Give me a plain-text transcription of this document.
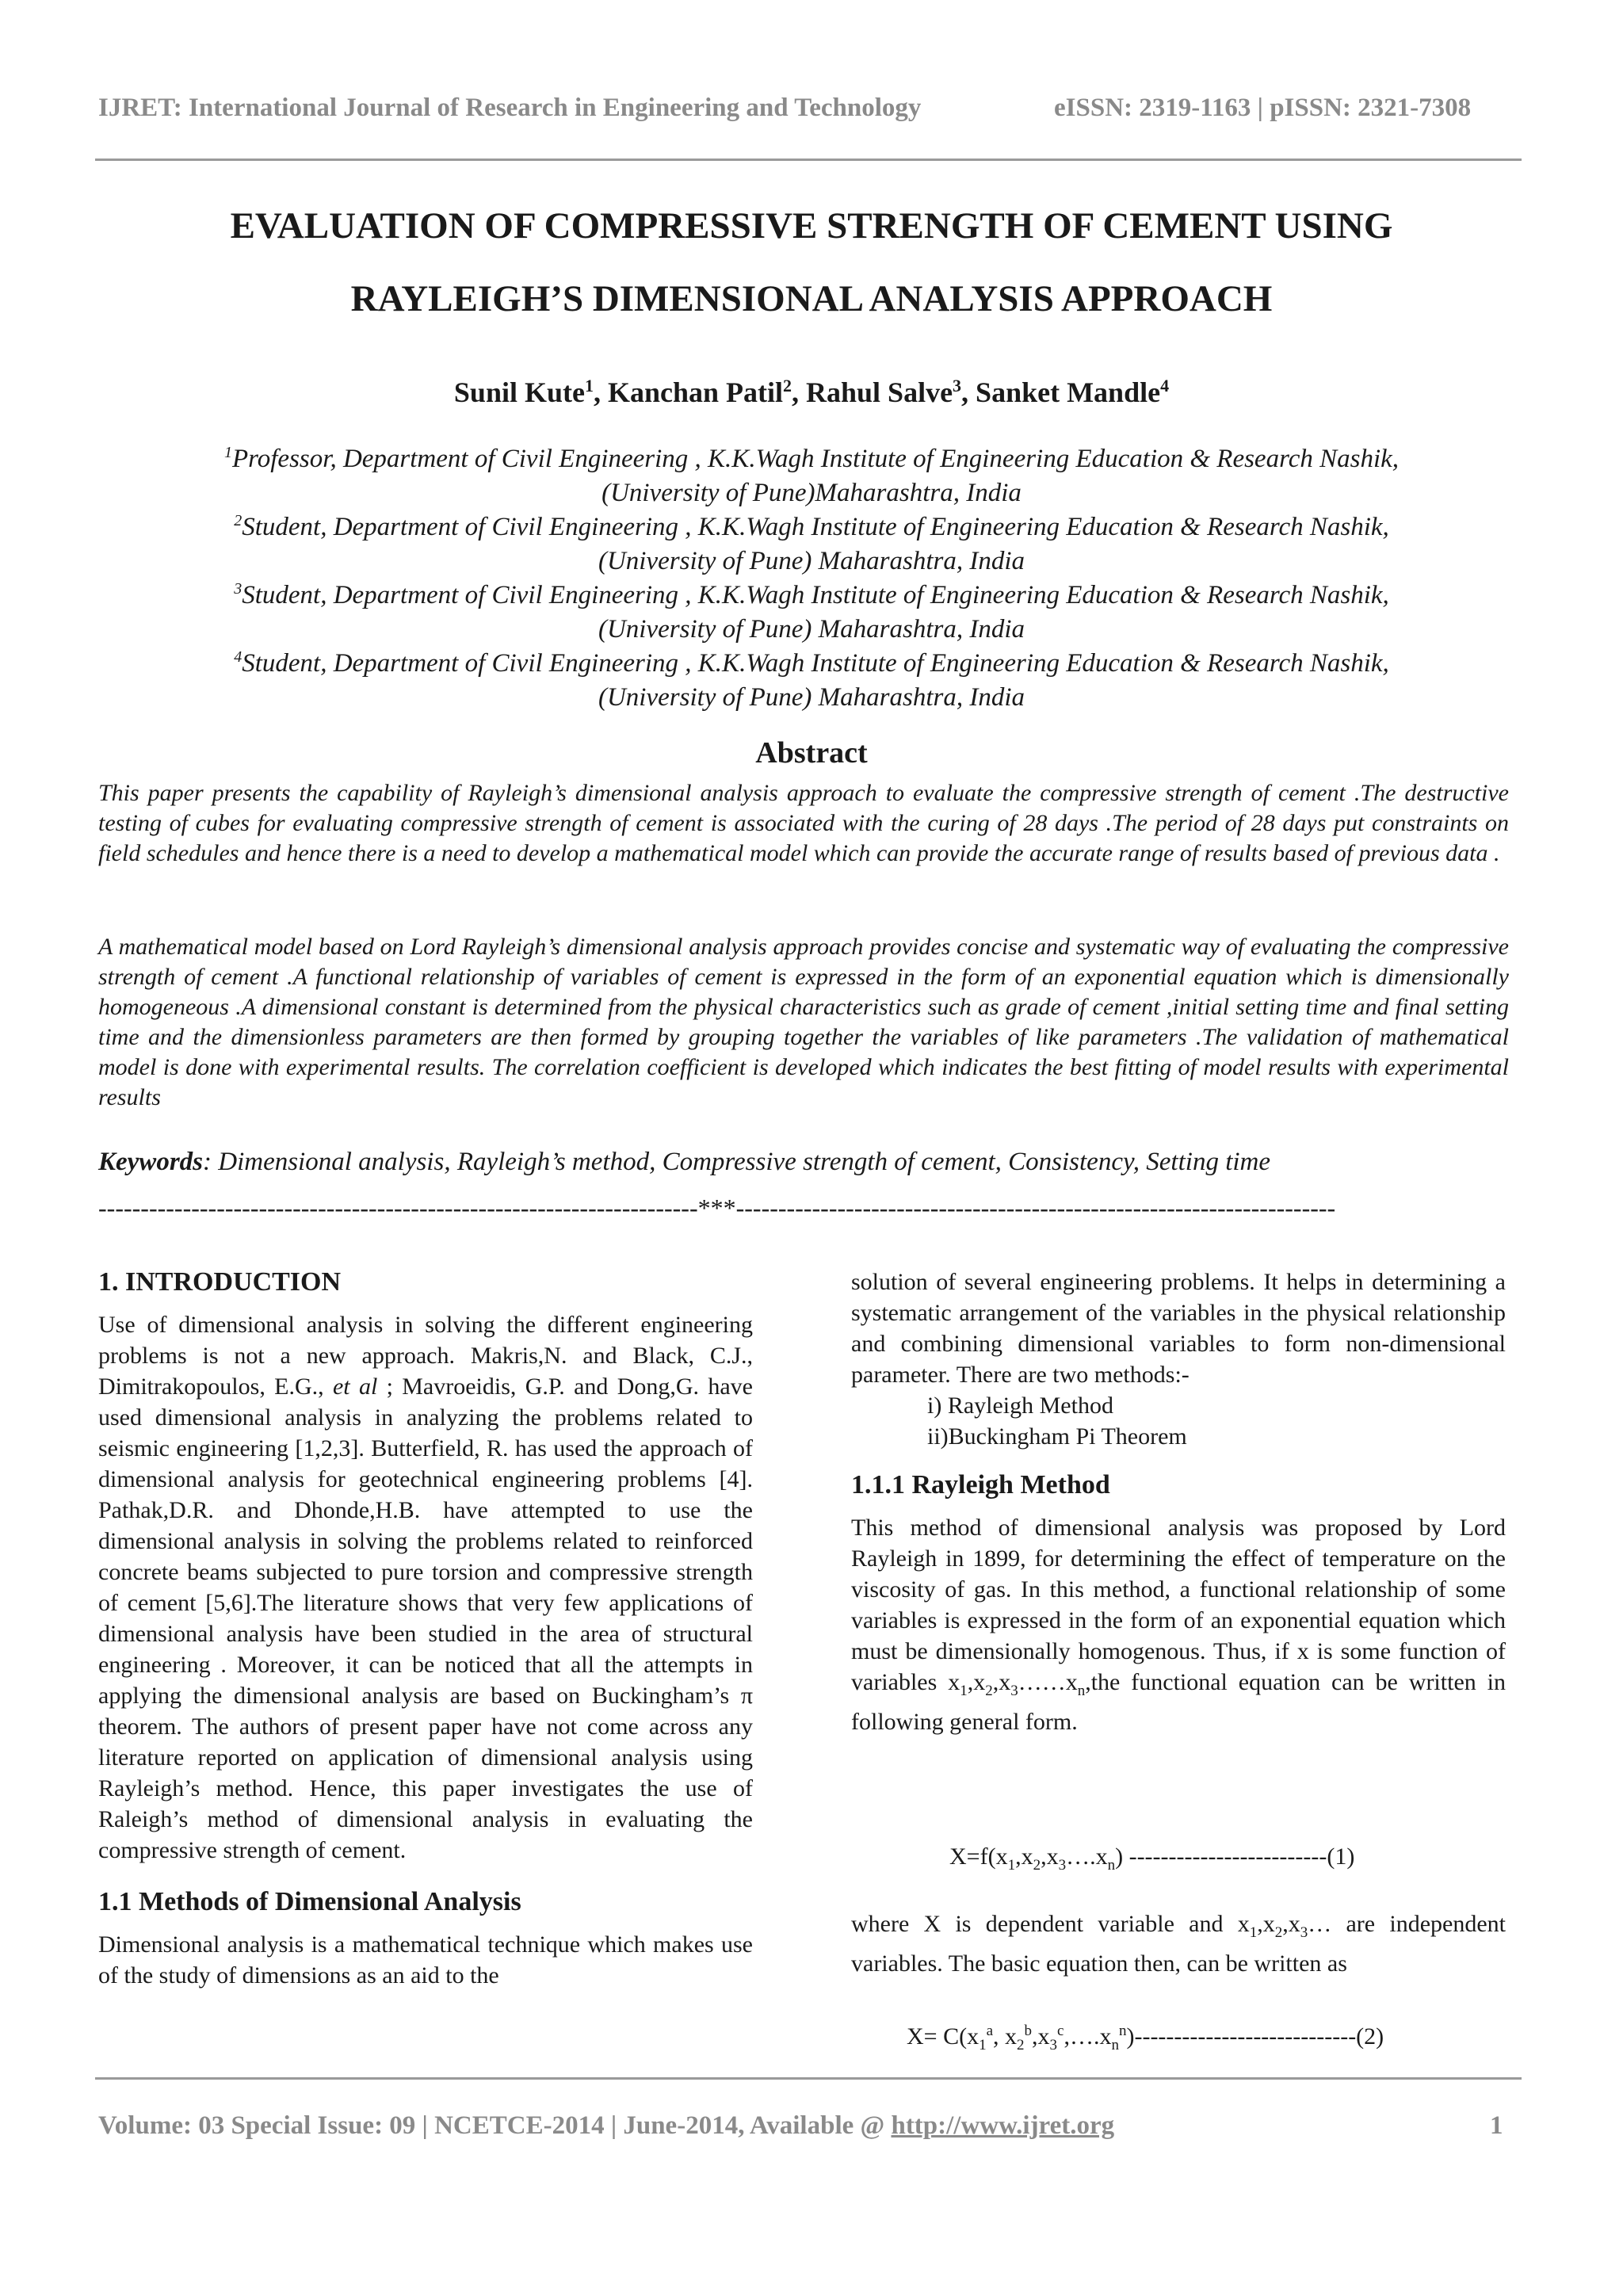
IJRET: International Journal of Research in Engineering and Technology	eISSN: 2319-1163 | pISSN: 2321-7308
EVALUATION OF COMPRESSIVE STRENGTH OF CEMENT USING
RAYLEIGH’S DIMENSIONAL ANALYSIS APPROACH
Sunil Kute$^1$, Kanchan Patil$^2$, Rahul Salve$^3$, Sanket Mandle$^4$
$^1$Professor, Department of Civil Engineering , K.K.Wagh Institute of Engineering Education & Research Nashik,
(University of Pune)Maharashtra, India
$^2$Student, Department of Civil Engineering , K.K.Wagh Institute of Engineering Education & Research Nashik,
(University of Pune) Maharashtra, India
$^3$Student, Department of Civil Engineering , K.K.Wagh Institute of Engineering Education & Research Nashik,
(University of Pune) Maharashtra, India
$^4$Student, Department of Civil Engineering , K.K.Wagh Institute of Engineering Education & Research Nashik,
(University of Pune) Maharashtra, India
Abstract
This paper presents the capability of Rayleigh’s dimensional analysis approach to evaluate the compressive strength of cement .The destructive testing of cubes for evaluating compressive strength of cement is associated with the curing of 28 days .The period of 28 days put constraints on field schedules and hence there is a need to develop a mathematical model which can provide the accurate range of results based of previous data .
A mathematical model based on Lord Rayleigh’s dimensional analysis approach provides concise and systematic way of evaluating the compressive strength of cement .A functional relationship of variables of cement is expressed in the form of an exponential equation which is dimensionally homogeneous .A dimensional constant is determined from the physical characteristics such as grade of cement ,initial setting time and final setting time and the dimensionless parameters are then formed by grouping together the variables of like parameters .The validation of mathematical model is done with experimental results. The correlation coefficient is developed which indicates the best fitting of model results with experimental results
Keywords: Dimensional analysis, Rayleigh’s method, Compressive strength of cement, Consistency, Setting time
-----------------------------------------------------------------------***-----------------------------------------------------------------------
1. INTRODUCTION
Use of dimensional analysis in solving the different engineering problems is not a new approach. Makris,N. and Black, C.J., Dimitrakopoulos, E.G., et al ; Mavroeidis, G.P. and Dong,G. have used dimensional analysis in analyzing the problems related to seismic engineering [1,2,3]. Butterfield, R. has used the approach of dimensional analysis for geotechnical engineering problems [4]. Pathak,D.R. and Dhonde,H.B. have attempted to use the dimensional analysis in solving the problems related to reinforced concrete beams subjected to pure torsion and compressive strength of cement [5,6].The literature shows that very few applications of dimensional analysis have been studied in the area of structural engineering . Moreover, it can be noticed that all the attempts in applying the dimensional analysis are based on Buckingham’s π theorem. The authors of present paper have not come across any literature reported on application of dimensional analysis using Rayleigh’s method. Hence, this paper investigates the use of Raleigh’s method of dimensional analysis in evaluating the compressive strength of cement.
1.1 Methods of Dimensional Analysis
Dimensional analysis is a mathematical technique which makes use of the study of dimensions as an aid to the
solution of several engineering problems. It helps in determining a systematic arrangement of the variables in the physical relationship and combining dimensional variables to form non-dimensional parameter. There are two methods:-
i) Rayleigh Method
ii)Buckingham Pi Theorem
1.1.1 Rayleigh Method
This method of dimensional analysis was proposed by Lord Rayleigh in 1899, for determining the effect of temperature on the viscosity of gas. In this method, a functional relationship of some variables is expressed in the form of an exponential equation which must be dimensionally homogenous. Thus, if x is some function of variables $x_1,x_2,x_3\dots\dots x_n,the$ functional equation can be written in following general form.
$X=f(x_1,x_2,x_3\dots.x_n)$ -------------------------(1)
where X is dependent variable and $x_1,x_2,x_3\dots$ are independent variables. The basic equation then, can be written as
$X= C(x_1^a$, $x_2^b,x_3^c,\dots.x_n^n)----------------------------(2)$
Volume: 03 Special Issue: 09 | NCETCE-2014 | June-2014, Available @ http://www.ijret.org	1
